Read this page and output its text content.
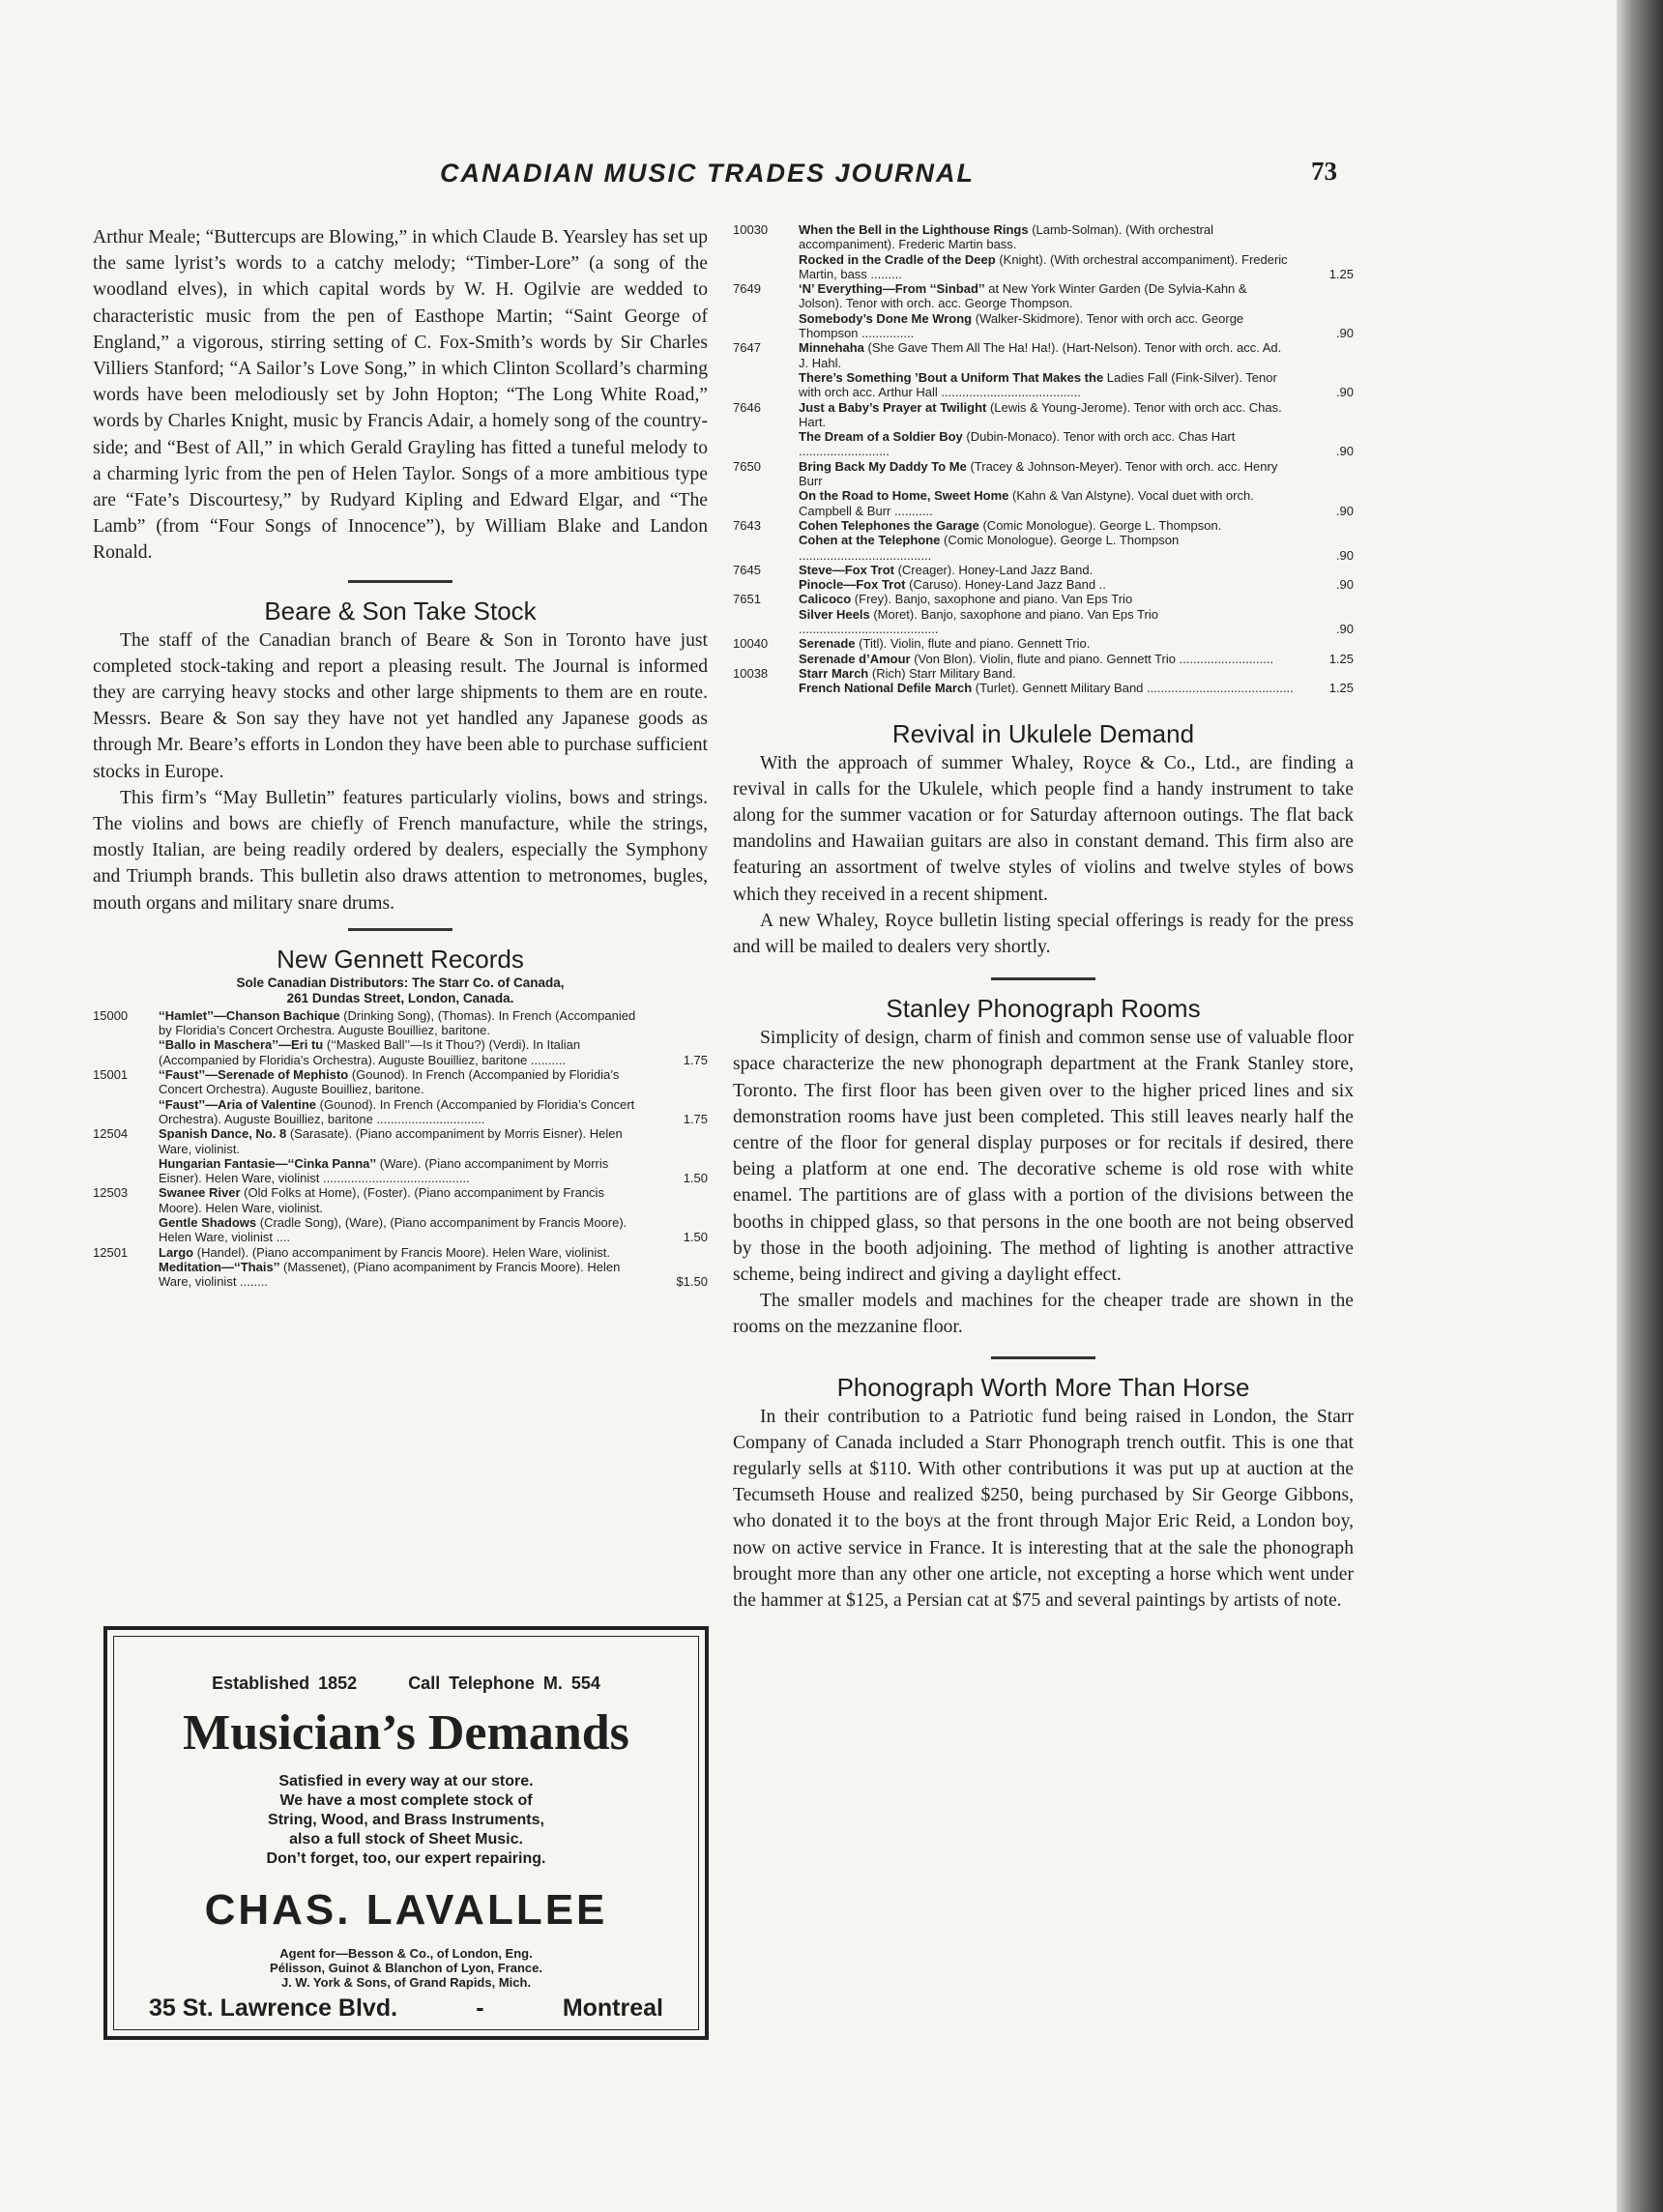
CANADIAN MUSIC TRADES JOURNAL	73

Arthur Meale; “Buttercups are Blowing,” in which Claude B. Yearsley has set up the same lyrist’s words to a catchy melody; “Timber-Lore” (a song of the woodland elves), in which capital words by W. H. Ogilvie are wedded to characteristic music from the pen of Easthope Martin; “Saint George of England,” a vigorous, stirring setting of C. Fox-Smith’s words by Sir Charles Villiers Stanford; “A Sailor’s Love Song,” in which Clinton Scollard’s charming words have been melodiously set by John Hopton; “The Long White Road,” words by Charles Knight, music by Francis Adair, a homely song of the country-side; and “Best of All,” in which Gerald Grayling has fitted a tuneful melody to a charming lyric from the pen of Helen Taylor. Songs of a more ambitious type are “Fate’s Discourtesy,” by Rudyard Kipling and Edward Elgar, and “The Lamb” (from “Four Songs of Innocence”), by William Blake and Landon Ronald.

Beare & Son Take Stock

The staff of the Canadian branch of Beare & Son in Toronto have just completed stock-taking and report a pleasing result. The Journal is informed they are carrying heavy stocks and other large shipments to them are en route. Messrs. Beare & Son say they have not yet handled any Japanese goods as through Mr. Beare’s efforts in London they have been able to purchase sufficient stocks in Europe.

This firm’s “May Bulletin” features particularly violins, bows and strings. The violins and bows are chiefly of French manufacture, while the strings, mostly Italian, are being readily ordered by dealers, especially the Symphony and Triumph brands. This bulletin also draws attention to metronomes, bugles, mouth organs and military snare drums.

New Gennett Records
Sole Canadian Distributors: The Starr Co. of Canada,
261 Dundas Street, London, Canada.
15000	‘‘Hamlet’’—Chanson Bachique (Drinking Song), (Thomas). In French (Accompanied by Floridia’s Concert Orchestra. Auguste Bouilliez, baritone.
‘‘Ballo in Maschera’’—Eri tu (‘‘Masked Ball’’—Is it Thou?) (Verdi). In Italian (Accompanied by Floridia’s Orchestra). Auguste Bouilliez, baritone ..........	1.75
15001	‘‘Faust’’—Serenade of Mephisto (Gounod). In French (Accompanied by Floridia’s Concert Orchestra). Auguste Bouilliez, baritone.
‘‘Faust’’—Aria of Valentine (Gounod). In French (Accompanied by Floridia’s Concert Orchestra). Auguste Bouilliez, baritone ...............................	1.75
12504	Spanish Dance, No. 8 (Sarasate). (Piano accompaniment by Morris Eisner). Helen Ware, violinist.
Hungarian Fantasie—‘‘Cinka Panna’’ (Ware). (Piano accompaniment by Morris Eisner). Helen Ware, violinist ..........................................	1.50
12503	Swanee River (Old Folks at Home), (Foster). (Piano accompaniment by Francis Moore). Helen Ware, violinist.
Gentle Shadows (Cradle Song), (Ware), (Piano accompaniment by Francis Moore). Helen Ware, violinist ....	1.50
12501	Largo (Handel). (Piano accompaniment by Francis Moore). Helen Ware, violinist.
Meditation—‘‘Thais’’ (Massenet), (Piano acompaniment by Francis Moore). Helen Ware, violinist ........	$1.50
Established 1852	Call Telephone M. 554
Musician’s Demands
Satisfied in every way at our store.
We have a most complete stock of
String, Wood, and Brass Instruments,
also a full stock of Sheet Music.
Don’t forget, too, our expert repairing.
CHAS. LAVALLEE
Agent for—Besson & Co., of London, Eng.
Pélisson, Guinot & Blanchon of Lyon, France.
J. W. York & Sons, of Grand Rapids, Mich.
35 St. Lawrence Blvd.	-	Montreal
10030	When the Bell in the Lighthouse Rings (Lamb-Solman). (With orchestral accompaniment). Frederic Martin bass.
Rocked in the Cradle of the Deep (Knight). (With orchestral accompaniment). Frederic Martin, bass .........	1.25
7649	‘N’ Everything—From ‘‘Sinbad’’ at New York Winter Garden (De Sylvia-Kahn & Jolson). Tenor with orch. acc. George Thompson.
Somebody’s Done Me Wrong (Walker-Skidmore). Tenor with orch acc. George Thompson ...............	.90
7647	Minnehaha (She Gave Them All The Ha! Ha!). (Hart-Nelson). Tenor with orch. acc. Ad. J. Hahl.
There’s Something ’Bout a Uniform That Makes the Ladies Fall (Fink-Silver). Tenor with orch acc. Arthur Hall ........................................	.90
7646	Just a Baby’s Prayer at Twilight (Lewis & Young-Jerome). Tenor with orch acc. Chas. Hart.
The Dream of a Soldier Boy (Dubin-Monaco). Tenor with orch acc. Chas Hart ..........................	.90
7650	Bring Back My Daddy To Me (Tracey & Johnson-Meyer). Tenor with orch. acc. Henry Burr
On the Road to Home, Sweet Home (Kahn & Van Alstyne). Vocal duet with orch. Campbell & Burr ...........	.90
7643	Cohen Telephones the Garage (Comic Monologue). George L. Thompson.
Cohen at the Telephone (Comic Monologue). George L. Thompson ......................................	.90
7645	Steve—Fox Trot (Creager). Honey-Land Jazz Band.
Pinocle—Fox Trot (Caruso). Honey-Land Jazz Band ..	.90
7651	Calicoco (Frey). Banjo, saxophone and piano. Van Eps Trio
Silver Heels (Moret). Banjo, saxophone and piano. Van Eps Trio ........................................	.90
10040	Serenade (Titl). Violin, flute and piano. Gennett Trio.
Serenade d’Amour (Von Blon). Violin, flute and piano. Gennett Trio ...........................	1.25
10038	Starr March (Rich) Starr Military Band.
French National Defile March (Turlet). Gennett Military Band ..........................................	1.25
Revival in Ukulele Demand

With the approach of summer Whaley, Royce & Co., Ltd., are finding a revival in calls for the Ukulele, which people find a handy instrument to take along for the summer vacation or for Saturday afternoon outings. The flat back mandolins and Hawaiian guitars are also in constant demand. This firm also are featuring an assortment of twelve styles of violins and twelve styles of bows which they received in a recent shipment.

A new Whaley, Royce bulletin listing special offerings is ready for the press and will be mailed to dealers very shortly.

Stanley Phonograph Rooms

Simplicity of design, charm of finish and common sense use of valuable floor space characterize the new phonograph department at the Frank Stanley store, Toronto. The first floor has been given over to the higher priced lines and six demonstration rooms have just been completed. This still leaves nearly half the centre of the floor for general display purposes or for recitals if desired, there being a platform at one end. The decorative scheme is old rose with white enamel. The partitions are of glass with a portion of the divisions between the booths in chipped glass, so that persons in the one booth are not being observed by those in the booth adjoining. The method of lighting is another attractive scheme, being indirect and giving a daylight effect.

The smaller models and machines for the cheaper trade are shown in the rooms on the mezzanine floor.

Phonograph Worth More Than Horse

In their contribution to a Patriotic fund being raised in London, the Starr Company of Canada included a Starr Phonograph trench outfit. This is one that regularly sells at $110. With other contributions it was put up at auction at the Tecumseth House and realized $250, being purchased by Sir George Gibbons, who donated it to the boys at the front through Major Eric Reid, a London boy, now on active service in France. It is interesting that at the sale the phonograph brought more than any other one article, not excepting a horse which went under the hammer at $125, a Persian cat at $75 and several paintings by artists of note.
